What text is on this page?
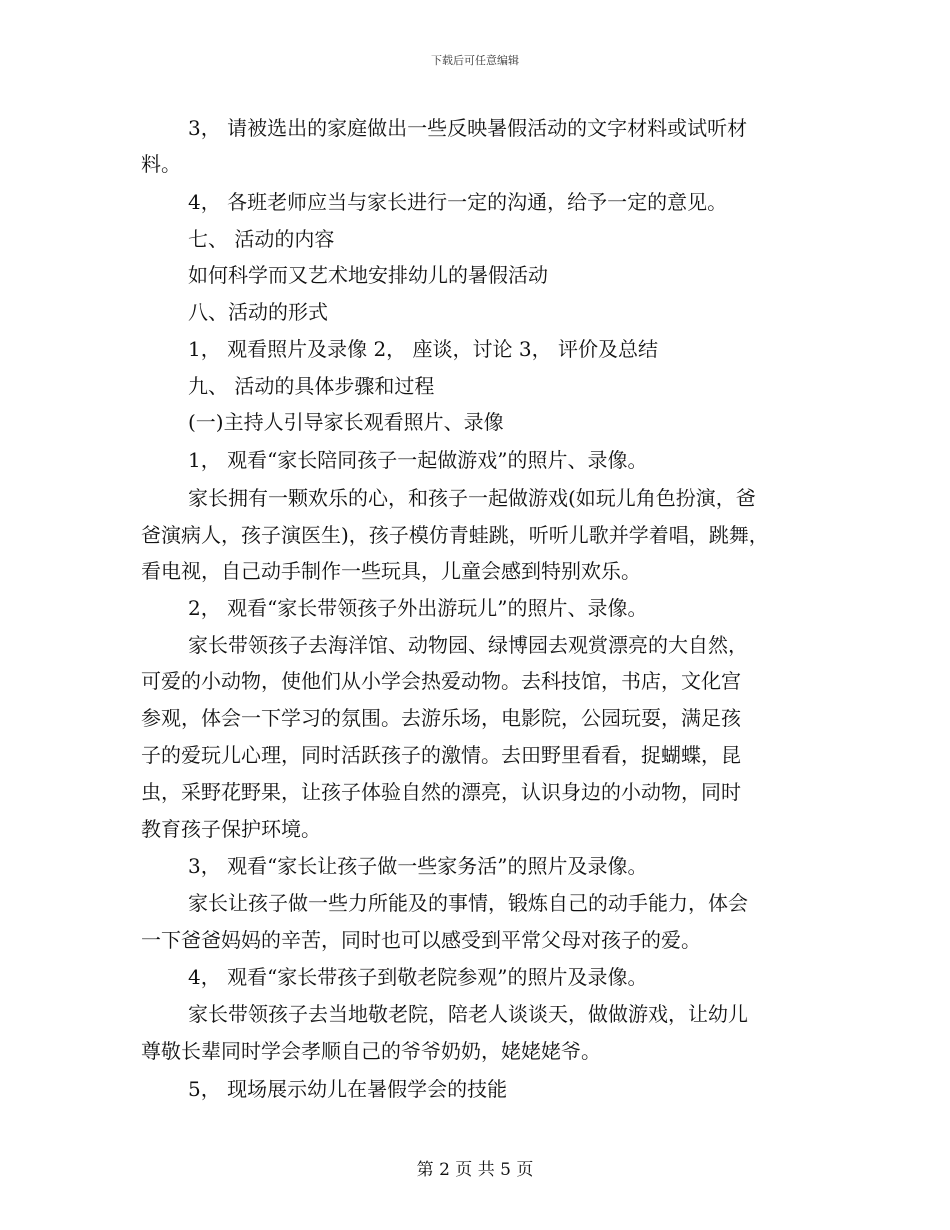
下载后可任意编辑
3， 请被选出的家庭做出一些反映暑假活动的文字材料或试听材
料。
4， 各班老师应当与家长进行一定的沟通，给予一定的意见。
七、 活动的内容
如何科学而又艺术地安排幼儿的暑假活动
八、活动的形式
1， 观看照片及录像 2， 座谈，讨论 3， 评价及总结
九、 活动的具体步骤和过程
(一)主持人引导家长观看照片、录像
1， 观看“家长陪同孩子一起做游戏”的照片、录像。
家长拥有一颗欢乐的心，和孩子一起做游戏(如玩儿角色扮演，爸
爸演病人，孩子演医生)，孩子模仿青蛙跳，听听儿歌并学着唱，跳舞，
看电视，自己动手制作一些玩具，儿童会感到特别欢乐。
2， 观看“家长带领孩子外出游玩儿”的照片、录像。
家长带领孩子去海洋馆、动物园、绿博园去观赏漂亮的大自然，
可爱的小动物，使他们从小学会热爱动物。去科技馆，书店，文化宫
参观，体会一下学习的氛围。去游乐场，电影院，公园玩耍，满足孩
子的爱玩儿心理，同时活跃孩子的激情。去田野里看看，捉蝴蝶，昆
虫，采野花野果，让孩子体验自然的漂亮，认识身边的小动物，同时
教育孩子保护环境。
3， 观看“家长让孩子做一些家务活”的照片及录像。
家长让孩子做一些力所能及的事情，锻炼自己的动手能力，体会
一下爸爸妈妈的辛苦，同时也可以感受到平常父母对孩子的爱。
4， 观看“家长带孩子到敬老院参观”的照片及录像。
家长带领孩子去当地敬老院，陪老人谈谈天，做做游戏，让幼儿
尊敬长辈同时学会孝顺自己的爷爷奶奶，姥姥姥爷。
5， 现场展示幼儿在暑假学会的技能
第 2 页 共 5 页
